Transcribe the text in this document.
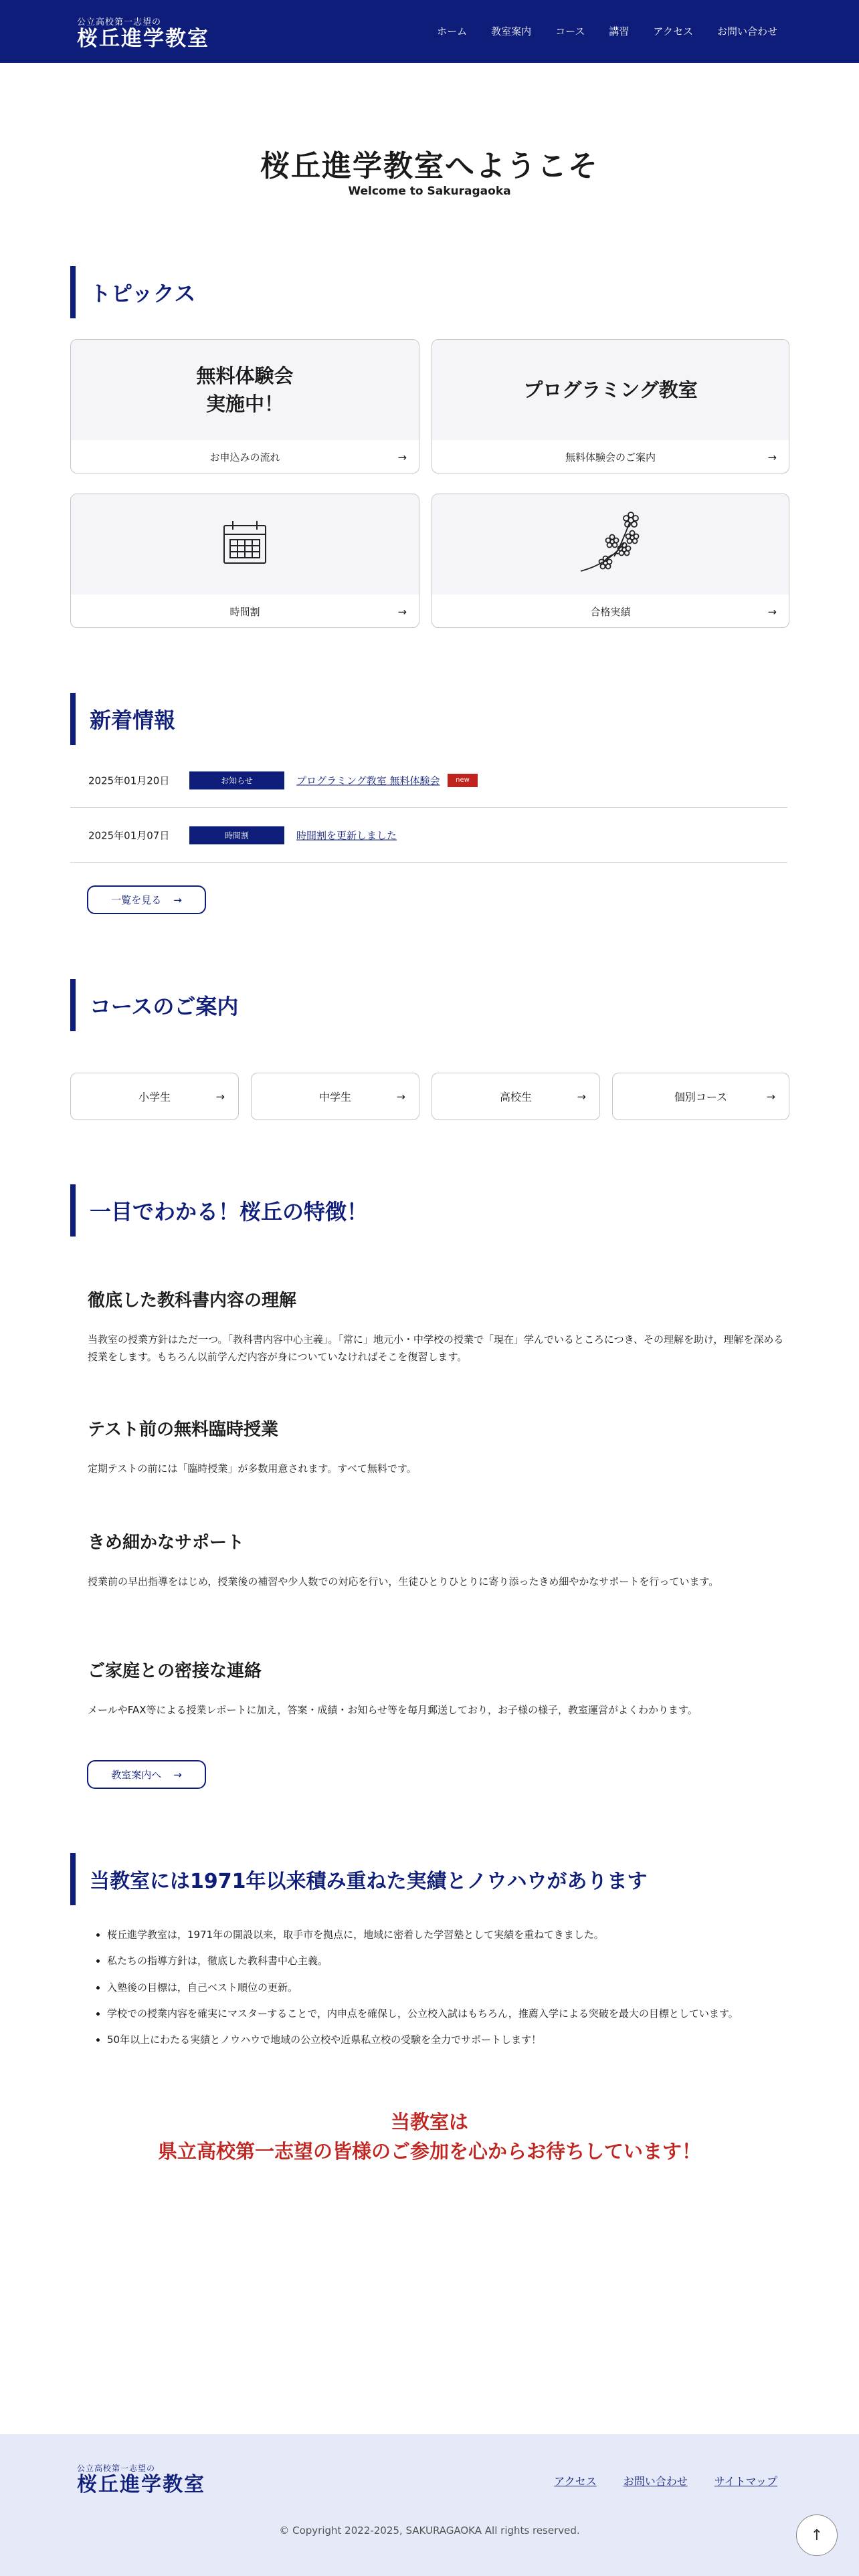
公立高校第一志望の
桜丘進学教室	ホーム 教室案内 コース 講習 アクセス お問い合わせ
桜丘進学教室へようこそ

Welcome to Sakuragaoka

トピックス
無料体験会
実施中！
お申込みの流れ	→
プログラミング教室
無料体験会のご案内	→
時間割	→	合格実績	→
新着情報
2025年01月20日	お知らせ	プログラミング教室 無料体験会	new
2025年01月07日	時間割	時間割を更新しました
一覧を見る →
コースのご案内
小学生	→	中学生	→	高校生	→	個別コース	→
一目でわかる！桜丘の特徴！
徹底した教科書内容の理解

当教室の授業方針はただ一つ。「教科書内容中心主義」。「常に」地元小・中学校の授業で「現在」学んでいるところにつき、その理解を助け，理解を深める授業をします。もちろん以前学んだ内容が身についていなければそこを復習します。

テスト前の無料臨時授業

定期テストの前には「臨時授業」が多数用意されます。すべて無料です。

きめ細かなサポート

授業前の早出指導をはじめ，授業後の補習や少人数での対応を行い，生徒ひとりひとりに寄り添ったきめ細やかなサポートを行っています。

ご家庭との密接な連絡

メールやFAX等による授業レポートに加え，答案・成績・お知らせ等を毎月郵送しており，お子様の様子，教室運営がよくわかります。

教室案内へ →
当教室には1971年以来積み重ねた実績とノウハウがあります
• 桜丘進学教室は，1971年の開設以来，取手市を拠点に，地域に密着した学習塾として実績を重ねてきました。
• 私たちの指導方針は，徹底した教科書中心主義。
• 入塾後の目標は，自己ベスト順位の更新。
• 学校での授業内容を確実にマスターすることで，内申点を確保し，公立校入試はもちろん，推薦入学による突破を最大の目標としています。
• 50年以上にわたる実績とノウハウで地域の公立校や近県私立校の受験を全力でサポートします！
当教室は
県立高校第一志望の皆様のご参加を心からお待ちしています！
公立高校第一志望の
桜丘進学教室	アクセス	お問い合わせ	サイトマップ

© Copyright 2022-2025, SAKURAGAOKA All rights reserved.	↑
